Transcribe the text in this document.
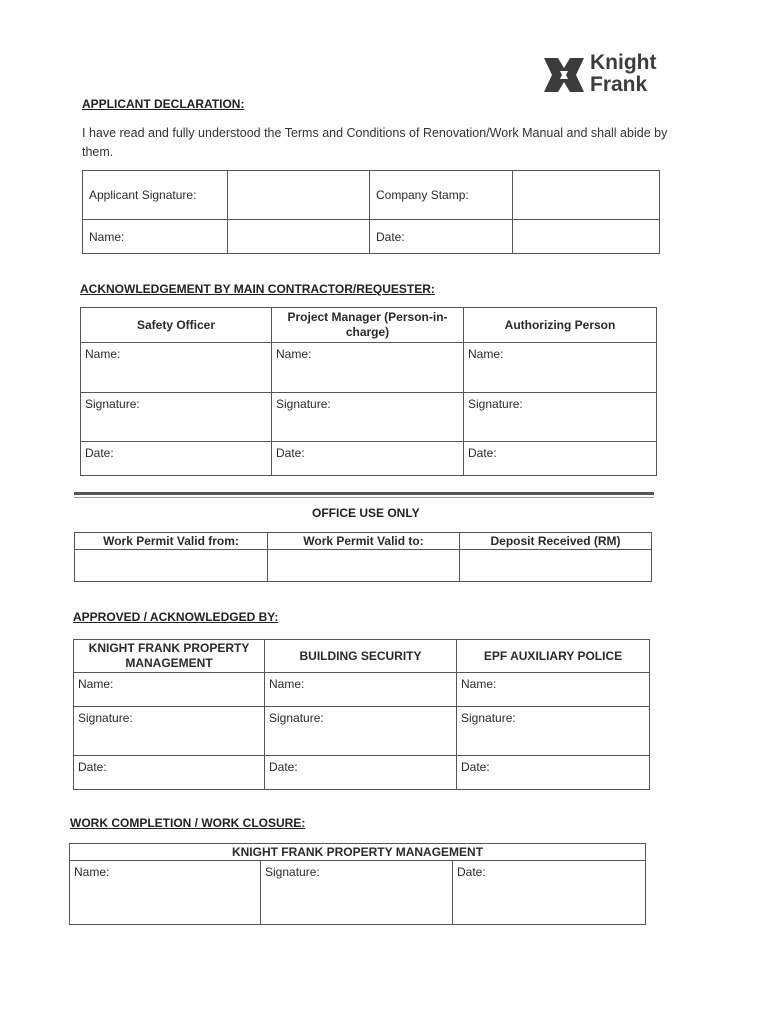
Knight
Frank
APPLICANT DECLARATION:
I have read and fully understood the Terms and Conditions of Renovation/Work Manual and shall abide by them.
Applicant Signature:		Company Stamp:	
Name:		Date:	
ACKNOWLEDGEMENT BY MAIN CONTRACTOR/REQUESTER:
Safety Officer	Project Manager (Person-in-charge)	Authorizing Person

Name:	Name:	Name:

Signature:	Signature:	Signature:

Date:	Date:	Date:
OFFICE USE ONLY
Work Permit Valid from:	Work Permit Valid to:	Deposit Received (RM)

APPROVED / ACKNOWLEDGED BY:
KNIGHT FRANK PROPERTY MANAGEMENT	BUILDING SECURITY	EPF AUXILIARY POLICE

Name:	Name:	Name:

Signature:	Signature:	Signature:

Date:	Date:	Date:
WORK COMPLETION / WORK CLOSURE:
KNIGHT FRANK PROPERTY MANAGEMENT

Name:	Signature:	Date:
